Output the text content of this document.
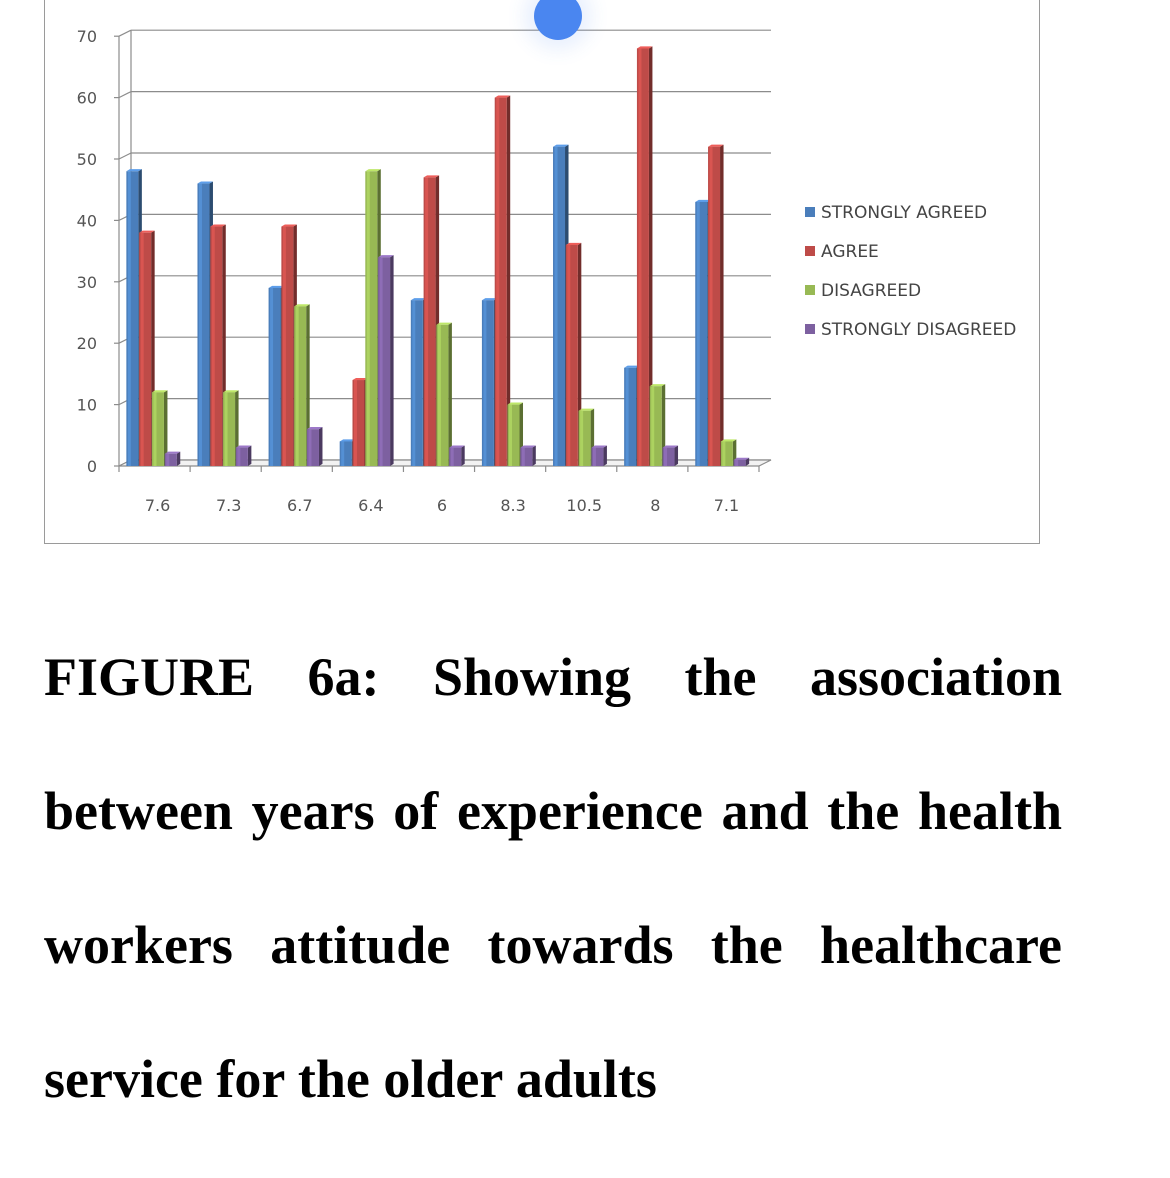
0
10
20
30
40
50
60
70
7.6	7.3	6.7	6.4	6	8.3	10.5	8	7.1
STRONGLY AGREED
AGREE
DISAGREED
STRONGLY DISAGREED

FIGURE 6a: Showing the association between years of experience and the health workers attitude towards the healthcare service for the older adults
